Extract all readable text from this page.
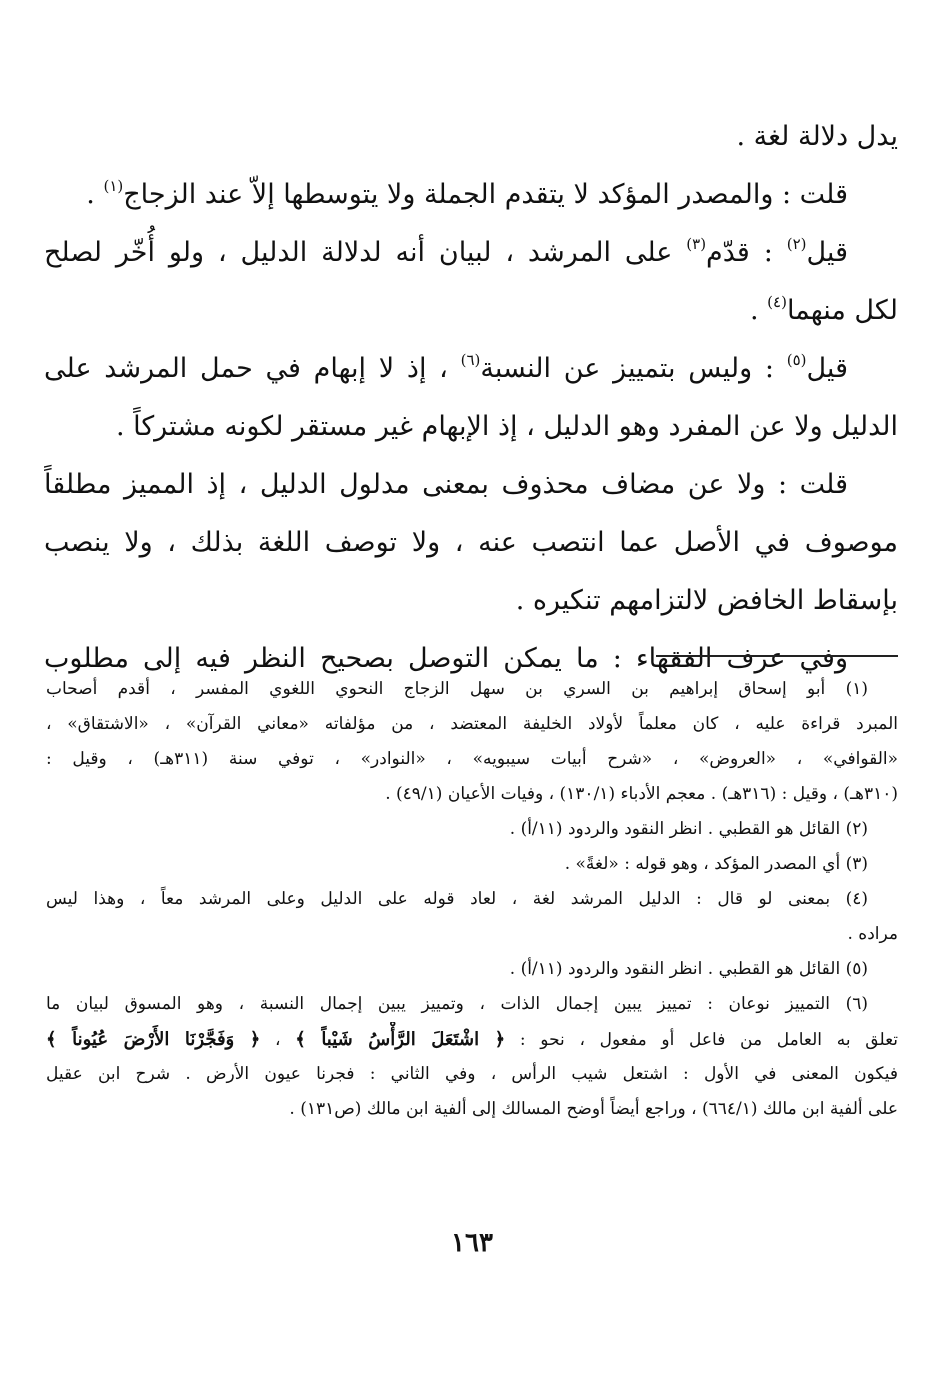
يدل دلالة لغة .
قلت : والمصدر المؤكد لا يتقدم الجملة ولا يتوسطها إلاّ عند الزجاج$^{(١)}$ .
قيل$^{(٢)}$ : قدّم$^{(٣)}$ على المرشد ، لبيان أنه لدلالة الدليل ، ولو أُخّر لصلح
لكل منهما$^{(٤)}$ .
قيل$^{(٥)}$ : وليس بتمييز عن النسبة$^{(٦)}$ ، إذ لا إبهام في حمل المرشد على
الدليل ولا عن المفرد وهو الدليل ، إذ الإبهام غير مستقر لكونه مشتركاً .
قلت : ولا عن مضاف محذوف بمعنى مدلول الدليل ، إذ المميز مطلقاً
موصوف في الأصل عما انتصب عنه ، ولا توصف اللغة بذلك ، ولا ينصب
بإسقاط الخافض لالتزامهم تنكيره .
وفي عرف الفقهاء : ما يمكن التوصل بصحيح النظر فيه إلى مطلوب
(١) أبو إسحاق إبراهيم بن السري بن سهل الزجاج النحوي اللغوي المفسر ، أقدم أصحاب
المبرد قراءة عليه ، كان معلماً لأولاد الخليفة المعتضد ، من مؤلفاته «معاني القرآن» ، «الاشتقاق» ،
«القوافي» ، «العروض» ، «شرح أبيات سيبويه» ، «النوادر» ، توفي سنة (٣١١هـ) ، وقيل :
(٣١٠هـ) ، وقيل : (٣١٦هـ) . معجم الأدباء (١٣٠/١) ، وفيات الأعيان (٤٩/١) .
(٢) القائل هو القطبي . انظر النقود والردود (١١/أ) .
(٣) أي المصدر المؤكد ، وهو قوله : «لغةً» .
(٤) بمعنى لو قال : الدليل المرشد لغة ، لعاد قوله على الدليل وعلى المرشد معاً ، وهذا ليس
مراده .
(٥) القائل هو القطبي . انظر النقود والردود (١١/أ) .
(٦) التمييز نوعان : تمييز يبين إجمال الذات ، وتمييز يبين إجمال النسبة ، وهو المسوق لبيان ما
تعلق به العامل من فاعل أو مفعول ، نحو : ﴿ اشْتَعَلَ الرَّأْسُ شَيْباً ﴾ ، ﴿ وَفَجَّرْنَا الأَرْضَ عُيُوناً ﴾
فيكون المعنى في الأول : اشتعل شيب الرأس ، وفي الثاني : فجرنا عيون الأرض . شرح ابن عقيل
على ألفية ابن مالك (٦٦٤/١) ، وراجع أيضاً أوضح المسالك إلى ألفية ابن مالك (ص١٣١) .
١٦٣
